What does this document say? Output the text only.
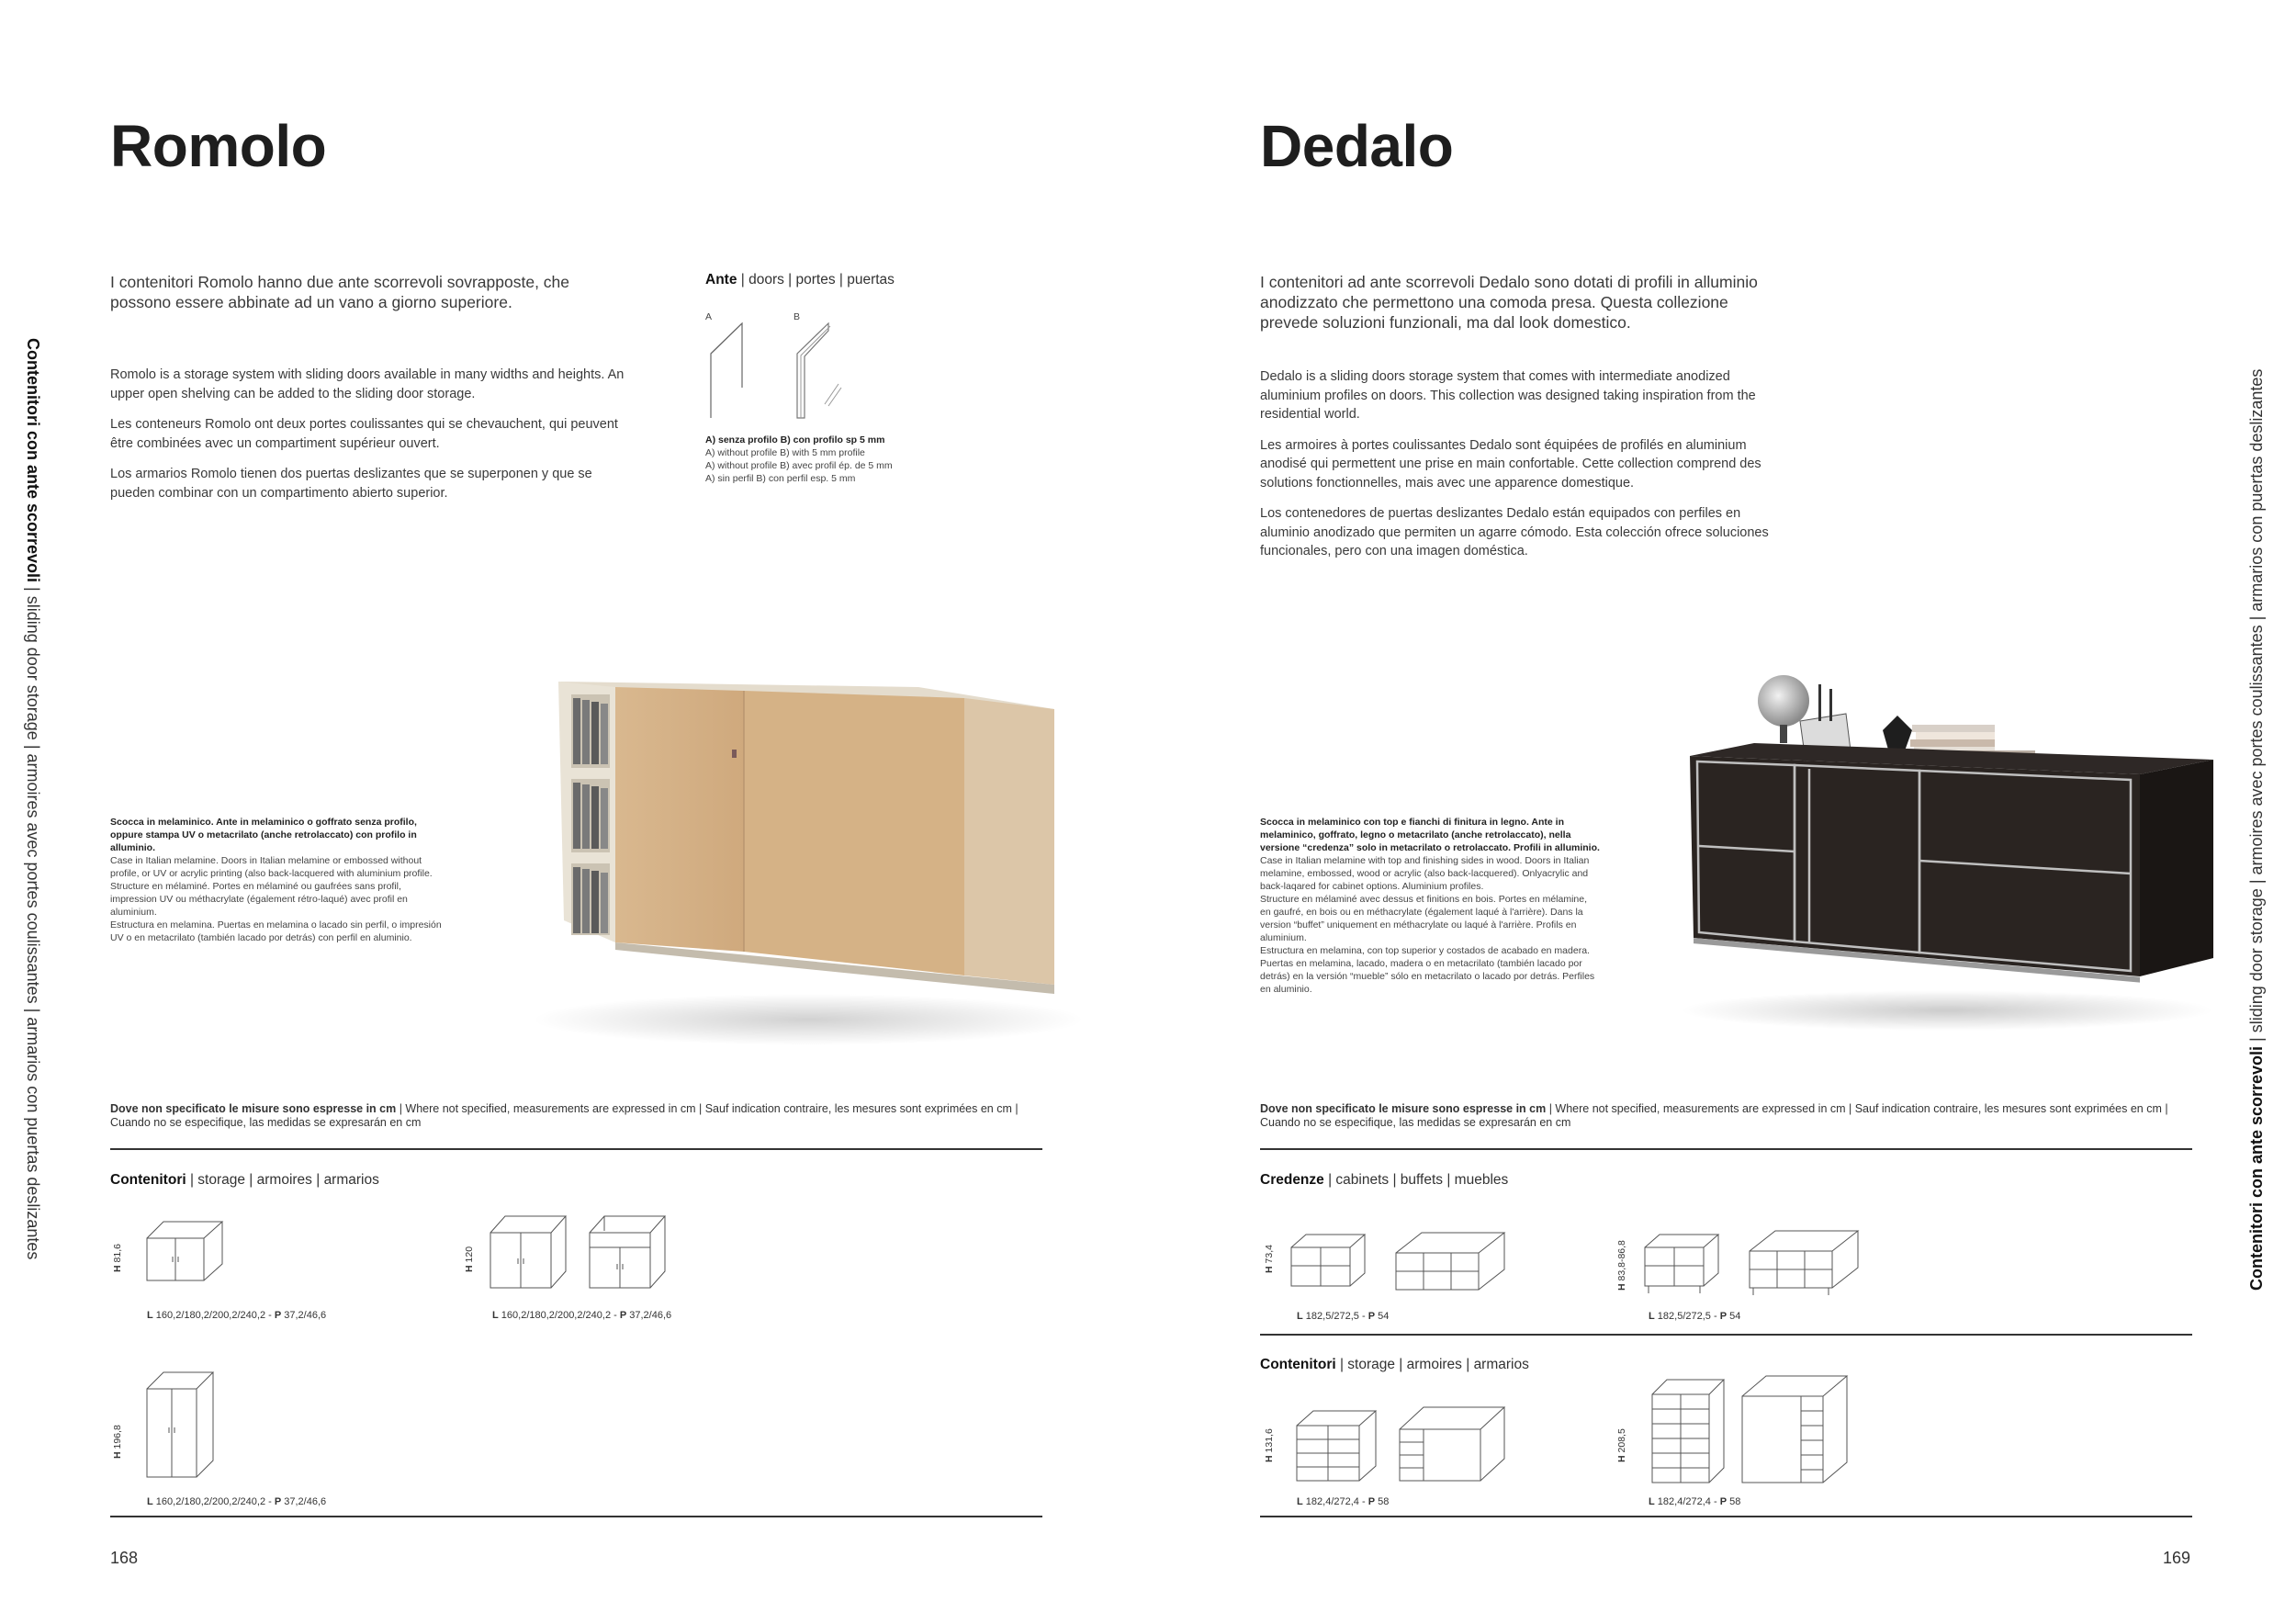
Contenitori con ante scorrevoli | sliding door storage | armoires avec portes coulissantes | armarios con puertas deslizantes	Contenitori con ante scorrevoli | sliding door storage | armoires avec portes coulissantes | armarios con puertas deslizantes
Romolo
I contenitori Romolo hanno due ante scorrevoli sovrapposte, che possono essere abbinate ad un vano a giorno superiore.

Romolo is a storage system with sliding doors available in many widths and heights. An upper open shelving can be added to the sliding door storage.

Les conteneurs Romolo ont deux portes coulissantes qui se chevauchent, qui peuvent être combinées avec un compartiment supérieur ouvert.

Los armarios Romolo tienen dos puertas deslizantes que se superponen y que se pueden combinar con un compartimento abierto superior.

Ante | doors | portes | puertas
A	B
A) senza profilo B) con profilo sp 5 mm
A) without profile B) with 5 mm profile
A) without profile B) avec profil ép. de 5 mm
A) sin perfil B) con perfil esp. 5 mm
Scocca in melaminico. Ante in melaminico o goffrato senza profilo, oppure stampa UV o metacrilato (anche retrolaccato) con profilo in alluminio.
Case in Italian melamine. Doors in Italian melamine or embossed without profile, or UV or acrylic printing (also back-lacquered with aluminium profile.
Structure en mélaminé. Portes en mélaminé ou gaufrées sans profil, impression UV ou méthacrylate (également rétro-laqué) avec profil en aluminium.
Estructura en melamina. Puertas en melamina o lacado sin perfil, o impresión UV o en metacrilato (también lacado por detrás) con perfil en aluminio.
Dove non specificato le misure sono espresse in cm | Where not specified, measurements are expressed in cm | Sauf indication contraire, les mesures sont exprimées en cm | Cuando no se especifique, las medidas se expresarán en cm
Contenitori | storage | armoires | armarios
H 81,6
L 160,2/180,2/200,2/240,2 - P 37,2/46,6
H 120
L 160,2/180,2/200,2/240,2 - P 37,2/46,6
H 196,8
L 160,2/180,2/200,2/240,2 - P 37,2/46,6
168
Dedalo
I contenitori ad ante scorrevoli Dedalo sono dotati di profili in alluminio anodizzato che permettono una comoda presa. Questa collezione prevede soluzioni funzionali, ma dal look domestico.

Dedalo is a sliding doors storage system that comes with intermediate anodized aluminium profiles on doors. This collection was designed taking inspiration from the residential world.

Les armoires à portes coulissantes Dedalo sont équipées de profilés en aluminium anodisé qui permettent une prise en main confortable. Cette collection comprend des solutions fonctionnelles, mais avec une apparence domestique.

Los contenedores de puertas deslizantes Dedalo están equipados con perfiles en aluminio anodizado que permiten un agarre cómodo. Esta colección ofrece soluciones funcionales, pero con una imagen doméstica.

Scocca in melaminico con top e fianchi di finitura in legno. Ante in melaminico, goffrato, legno o metacrilato (anche retrolaccato), nella versione “credenza” solo in metacrilato o retrolaccato. Profili in alluminio.
Case in Italian melamine with top and finishing sides in wood. Doors in Italian melamine, embossed, wood or acrylic (also back-lacquered). Onlyacrylic and back-laqared for cabinet options. Aluminium profiles.
Structure en mélaminé avec dessus et finitions en bois. Portes en mélamine, en gaufré, en bois ou en méthacrylate (également laqué à l'arrière). Dans la version “buffet” uniquement en méthacrylate ou laqué à l'arrière. Profils en aluminium.
Estructura en melamina, con top superior y costados de acabado en madera. Puertas en melamina, lacado, madera o en metacrilato (también lacado por detrás) en la versión “mueble” sólo en metacrilato o lacado por detrás. Perfiles en aluminio.
Dove non specificato le misure sono espresse in cm | Where not specified, measurements are expressed in cm | Sauf indication contraire, les mesures sont exprimées en cm | Cuando no se especifique, las medidas se expresarán en cm
Credenze | cabinets | buffets | muebles
H 73,4
L 182,5/272,5 - P 54
H 83,8-86,8
L 182,5/272,5 - P 54
Contenitori | storage | armoires | armarios
H 131,6
L 182,4/272,4 - P 58
H 208,5
L 182,4/272,4 - P 58
169
